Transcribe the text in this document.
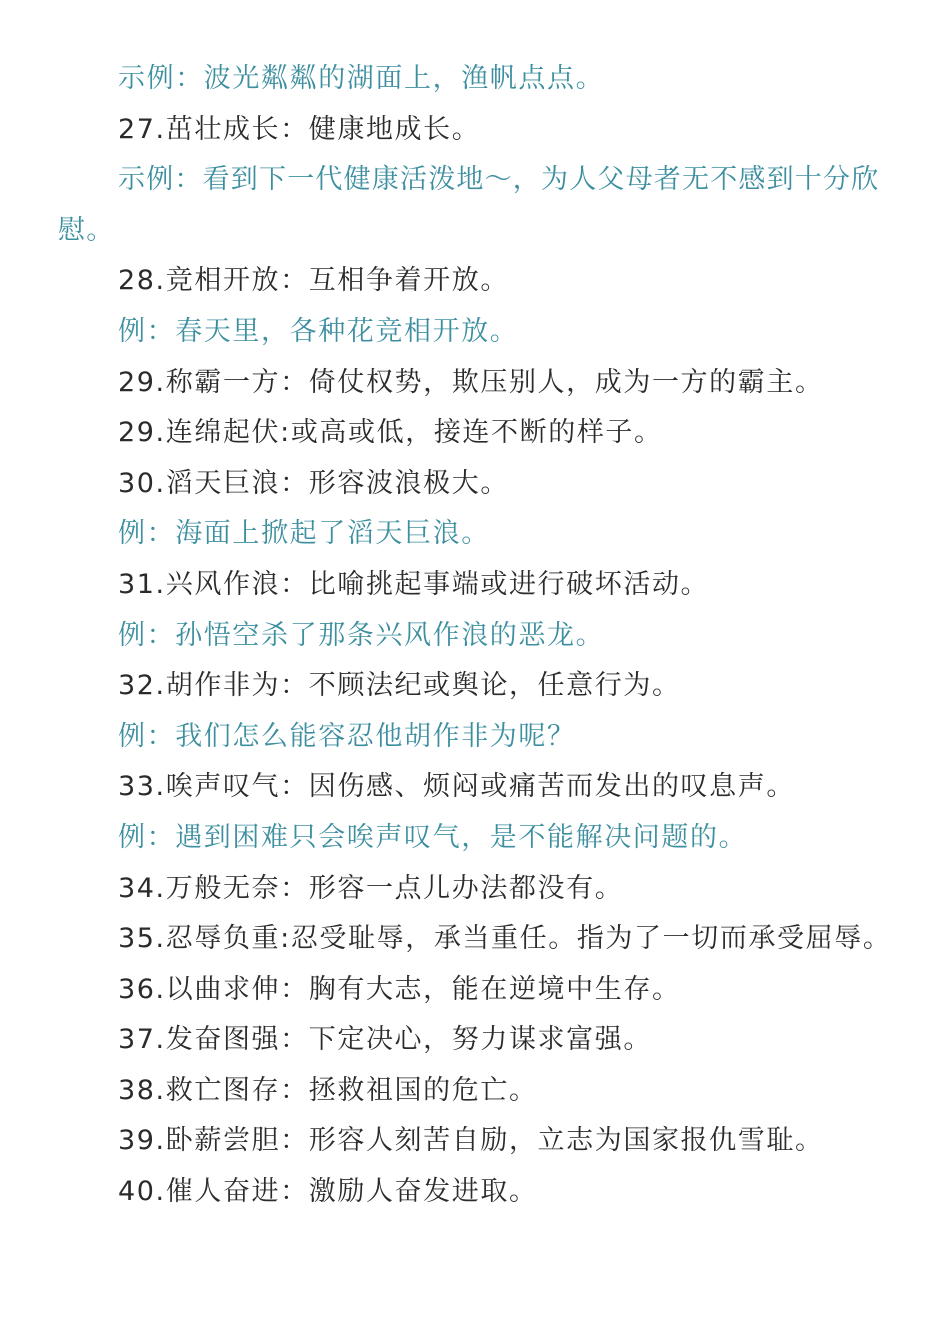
示例：波光粼粼的湖面上，渔帆点点。

27.茁壮成长：健康地成长。

示例：看到下一代健康活泼地～，为人父母者无不感到十分欣慰。

28.竞相开放：互相争着开放。

例：春天里，各种花竞相开放。

29.称霸一方：倚仗权势，欺压别人，成为一方的霸主。

29.连绵起伏:或高或低，接连不断的样子。

30.滔天巨浪：形容波浪极大。

例：海面上掀起了滔天巨浪。

31.兴风作浪：比喻挑起事端或进行破坏活动。

例：孙悟空杀了那条兴风作浪的恶龙。

32.胡作非为：不顾法纪或舆论，任意行为。

例：我们怎么能容忍他胡作非为呢？

33.唉声叹气：因伤感、烦闷或痛苦而发出的叹息声。

例：遇到困难只会唉声叹气，是不能解决问题的。

34.万般无奈：形容一点儿办法都没有。

35.忍辱负重:忍受耻辱，承当重任。指为了一切而承受屈辱。

36.以曲求伸：胸有大志，能在逆境中生存。

37.发奋图强：下定决心，努力谋求富强。

38.救亡图存：拯救祖国的危亡。

39.卧薪尝胆：形容人刻苦自励，立志为国家报仇雪耻。

40.催人奋进：激励人奋发进取。
